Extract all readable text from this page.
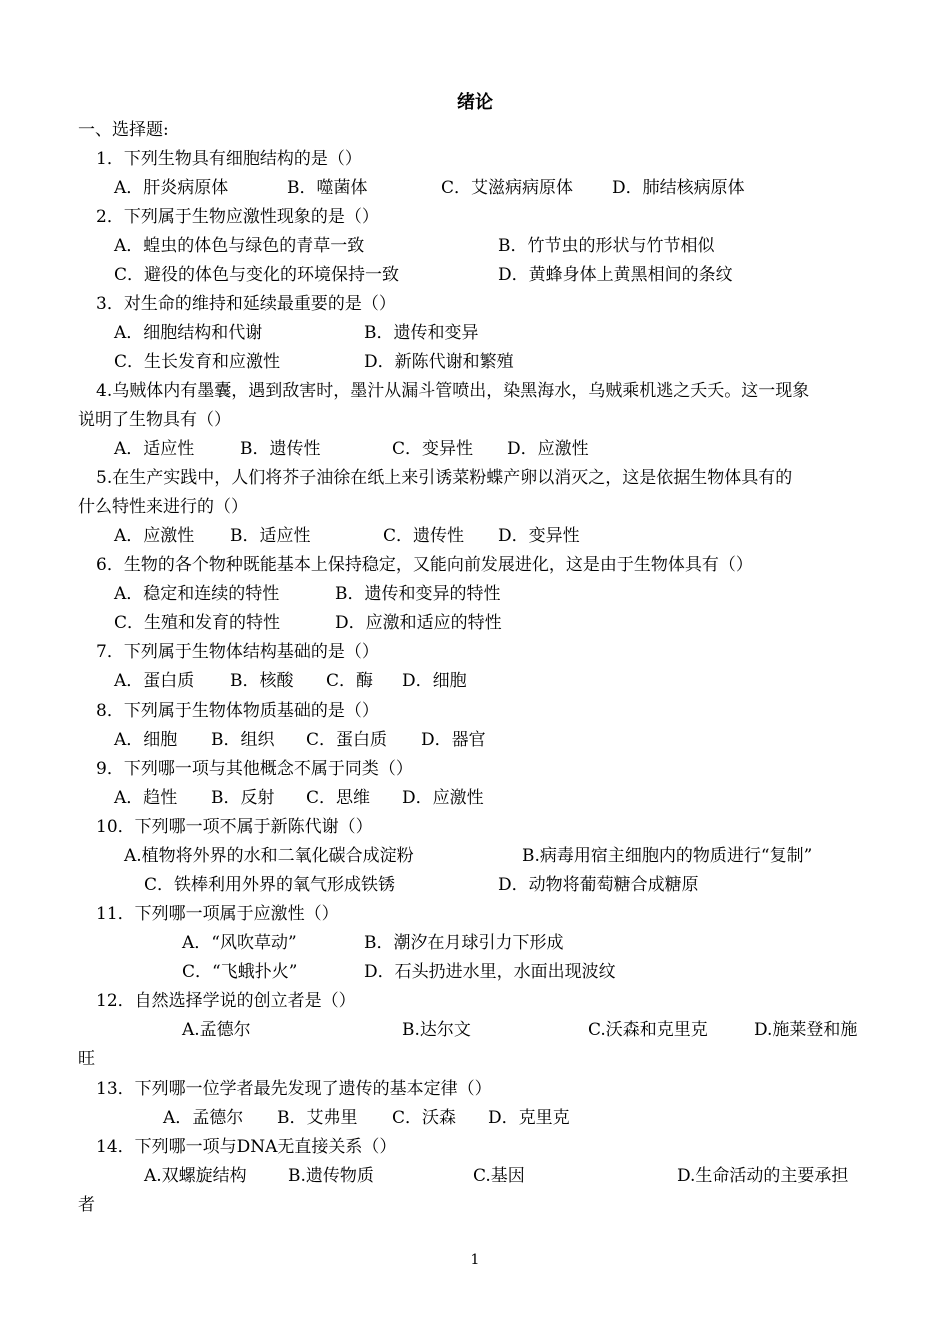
绪论
一、选择题:
1．下列生物具有细胞结构的是（）
A．肝炎病原体	B．噬菌体	C．艾滋病病原体 D．肺结核病原体
2．下列属于生物应激性现象的是（）
A．蝗虫的体色与绿色的青草一致	B．竹节虫的形状与竹节相似
C．避役的体色与变化的环境保持一致	D．黄蜂身体上黄黑相间的条纹
3．对生命的维持和延续最重要的是（）
A．细胞结构和代谢	B．遗传和变异
C．生长发育和应激性	D．新陈代谢和繁殖
4.乌贼体内有墨囊，遇到敌害时，墨汁从漏斗管喷出，染黑海水，乌贼乘机逃之夭夭。这一现象
说明了生物具有（）
A．适应性	B．遗传性	C．变异性 D．应激性
5.在生产实践中，人们将芥子油徐在纸上来引诱菜粉蝶产卵以消灭之，这是依据生物体具有的
什么特性来进行的（）
A．应激性 B．适应性	C．遗传性 D．变异性
6．生物的各个物种既能基本上保持稳定，又能向前发展进化，这是由于生物体具有（）
A．稳定和连续的特性	B．遗传和变异的特性
C．生殖和发育的特性	D．应激和适应的特性
7．下列属于生物体结构基础的是（）
A．蛋白质 B．核酸 C．酶 D．细胞
8．下列属于生物体物质基础的是（）
A．细胞 B．组织 C．蛋白质 D．器官
9．下列哪一项与其他概念不属于同类（）
A．趋性 B．反射 C．思维 D．应激性
10．下列哪一项不属于新陈代谢（）
A.植物将外界的水和二氧化碳合成淀粉	B.病毒用宿主细胞内的物质进行“复制”
C．铁棒利用外界的氧气形成铁锈	D．动物将葡萄糖合成糖原
11．下列哪一项属于应激性（）
A．“风吹草动”	B．潮汐在月球引力下形成
C．“飞蛾扑火”	D．石头扔进水里，水面出现波纹
12．自然选择学说的创立者是（）
A.孟德尔	B.达尔文	C.沃森和克里克	D.施莱登和施
旺
13．下列哪一位学者最先发现了遗传的基本定律（）
A．孟德尔 B．艾弗里 C．沃森 D．克里克
14．下列哪一项与DNA无直接关系（）
A.双螺旋结构 B.遗传物质	C.基因	D.生命活动的主要承担
者
1
